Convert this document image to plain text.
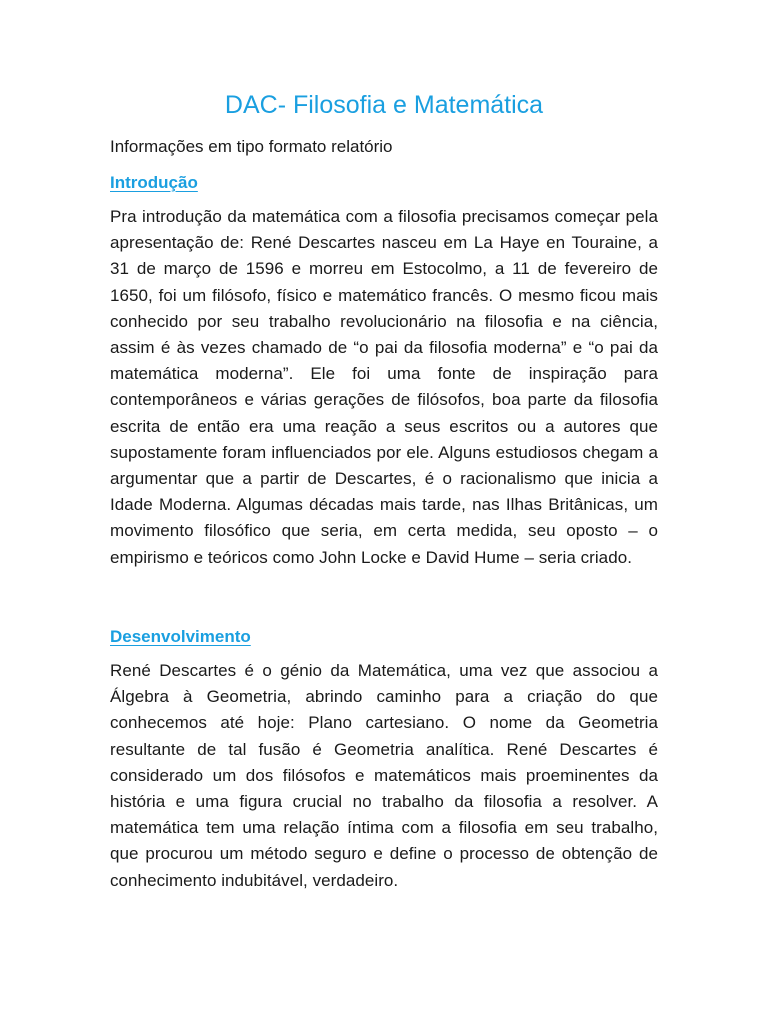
DAC- Filosofia e Matemática

Informações em tipo formato relatório

Introdução

Pra introdução da matemática com a filosofia precisamos começar pela apresentação de: René Descartes nasceu em La Haye en Touraine, a 31 de março de 1596 e morreu em Estocolmo, a 11 de fevereiro de 1650, foi um filósofo, físico e matemático francês. O mesmo ficou mais conhecido por seu trabalho revolucionário na filosofia e na ciência, assim é às vezes chamado de “o pai da filosofia moderna” e “o pai da matemática moderna”. Ele foi uma fonte de inspiração para contemporâneos e várias gerações de filósofos, boa parte da filosofia escrita de então era uma reação a seus escritos ou a autores que supostamente foram influenciados por ele. Alguns estudiosos chegam a argumentar que a partir de Descartes, é o racionalismo que inicia a Idade Moderna. Algumas décadas mais tarde, nas Ilhas Britânicas, um movimento filosófico que seria, em certa medida, seu oposto – o empirismo e teóricos como John Locke e David Hume – seria criado.

Desenvolvimento

René Descartes é o génio da Matemática, uma vez que associou a Álgebra à Geometria, abrindo caminho para a criação do que conhecemos até hoje: Plano cartesiano. O nome da Geometria resultante de tal fusão é Geometria analítica. René Descartes é considerado um dos filósofos e matemáticos mais proeminentes da história e uma figura crucial no trabalho da filosofia a resolver. A matemática tem uma relação íntima com a filosofia em seu trabalho, que procurou um método seguro e define o processo de obtenção de conhecimento indubitável, verdadeiro.
